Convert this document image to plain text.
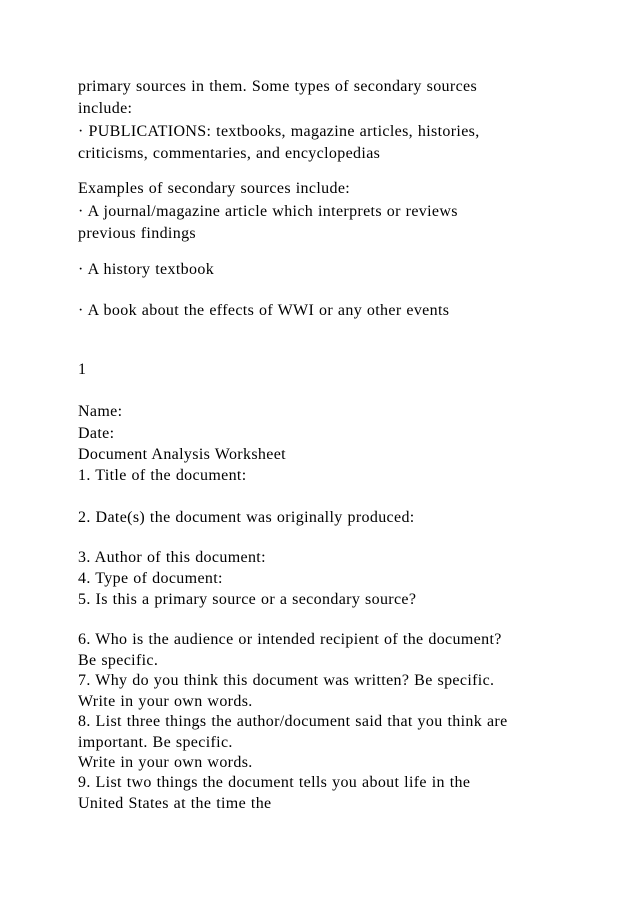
primary sources in them. Some types of secondary sources
include:
· PUBLICATIONS: textbooks, magazine articles, histories,
criticisms, commentaries, and encyclopedias
Examples of secondary sources include:
· A journal/magazine article which interprets or reviews
previous findings
· A history textbook
· A book about the effects of WWI or any other events
1
Name:
Date:
Document Analysis Worksheet
1. Title of the document:
2. Date(s) the document was originally produced:
3. Author of this document:
4. Type of document:
5. Is this a primary source or a secondary source?
6. Who is the audience or intended recipient of the document?
Be specific.
7. Why do you think this document was written? Be specific.
Write in your own words.
8. List three things the author/document said that you think are
important. Be specific.
Write in your own words.
9. List two things the document tells you about life in the
United States at the time the
